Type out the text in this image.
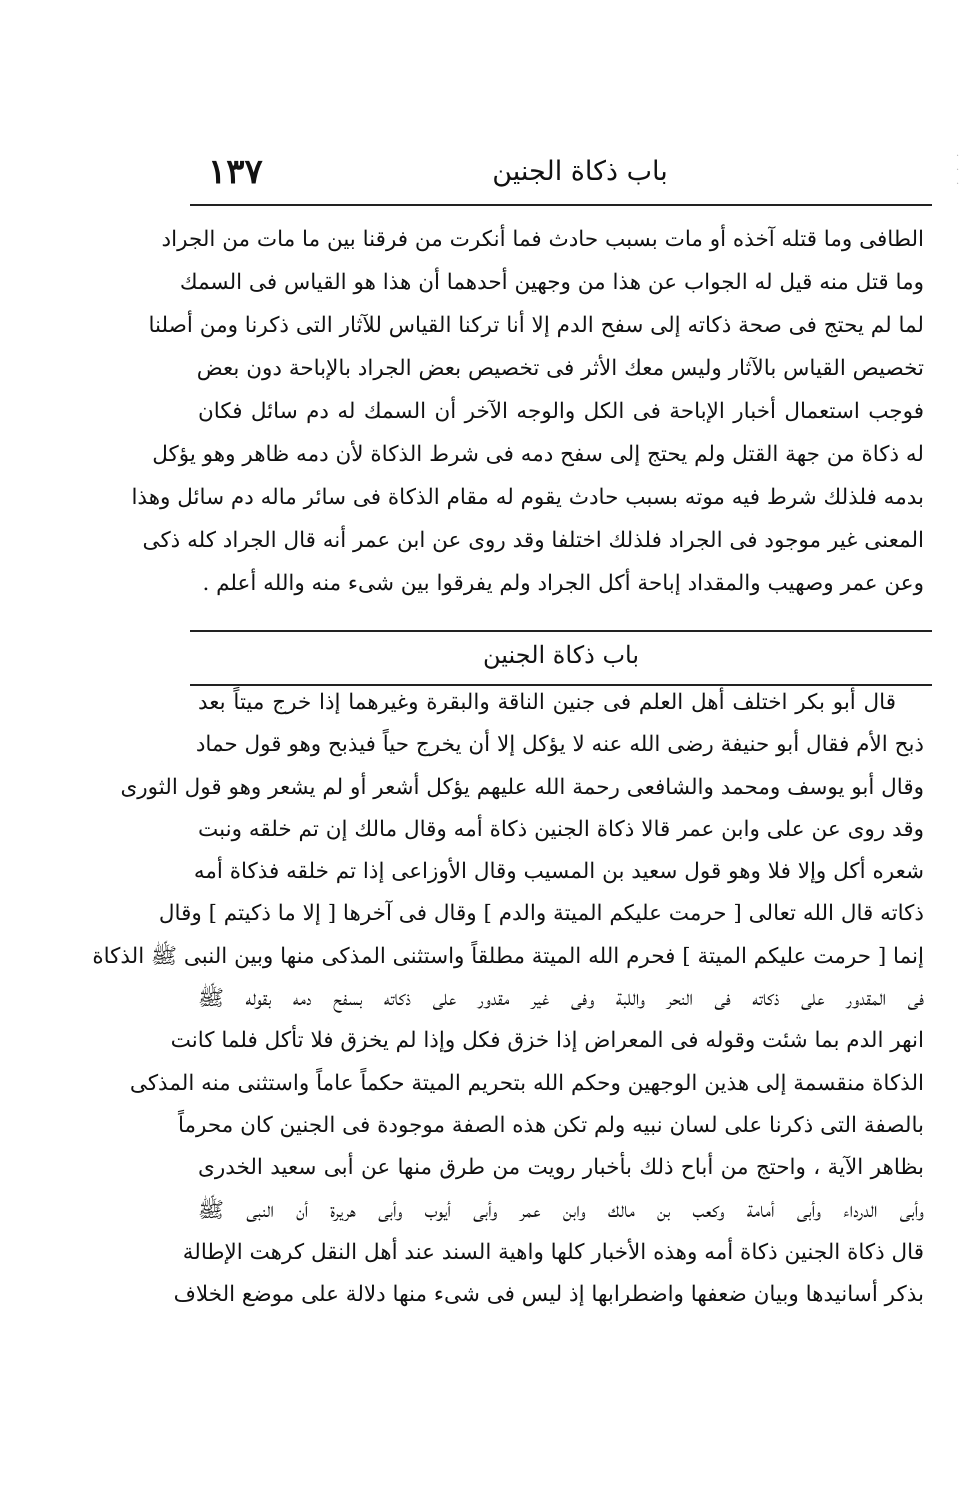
١٣٧	باب ذكاة الجنين
الطافى وما قتله آخذه أو مات بسبب حادث فما أنكرت من فرقنا بين ما مات من الجراد
وما قتل منه قيل له الجواب عن هذا من وجهين أحدهما أن هذا هو القياس فى السمك
لما لم يحتج فى صحة ذكاته إلى سفح الدم إلا أنا تركنا القياس للآثار التى ذكرنا ومن أصلنا
تخصيص القياس بالآثار وليس معك الأثر فى تخصيص بعض الجراد بالإباحة دون بعض
فوجب استعمال أخبار الإباحة فى الكل والوجه الآخر أن السمك له دم سائل فكان
له ذكاة من جهة القتل ولم يحتج إلى سفح دمه فى شرط الذكاة لأن دمه ظاهر وهو يؤكل
بدمه فلذلك شرط فيه موته بسبب حادث يقوم له مقام الذكاة فى سائر ماله دم سائل وهذا
المعنى غير موجود فى الجراد فلذلك اختلفا وقد روى عن ابن عمر أنه قال الجراد كله ذكى
وعن عمر وصهيب والمقداد إباحة أكل الجراد ولم يفرقوا بين شىء منه والله أعلم .
باب ذكاة الجنين
قال أبو بكر اختلف أهل العلم فى جنين الناقة والبقرة وغيرهما إذا خرج ميتاً بعد
ذبح الأم فقال أبو حنيفة رضى الله عنه لا يؤكل إلا أن يخرج حياً فيذبح وهو قول حماد
وقال أبو يوسف ومحمد والشافعى رحمة الله عليهم يؤكل أشعر أو لم يشعر وهو قول الثورى
وقد روى عن على وابن عمر قالا ذكاة الجنين ذكاة أمه وقال مالك إن تم خلقه ونبت
شعره أكل وإلا فلا وهو قول سعيد بن المسيب وقال الأوزاعى إذا تم خلقه فذكاة أمه
ذكاته قال الله تعالى [ حرمت عليكم الميتة والدم ] وقال فى آخرها [ إلا ما ذكيتم ] وقال
إنما [ حرمت عليكم الميتة ] فحرم الله الميتة مطلقاً واستثنى المذكى منها وبين النبى ﷺ الذكاة
فى المقدور على ذكاته فى النحر واللبة وفى غير مقدور على ذكاته بسفح دمه بقوله ﷺ
انهر الدم بما شئت وقوله فى المعراض إذا خزق فكل وإذا لم يخزق فلا تأكل فلما كانت
الذكاة منقسمة إلى هذين الوجهين وحكم الله بتحريم الميتة حكماً عاماً واستثنى منه المذكى
بالصفة التى ذكرنا على لسان نبيه ولم تكن هذه الصفة موجودة فى الجنين كان محرماً
بظاهر الآية ، واحتج من أباح ذلك بأخبار رويت من طرق منها عن أبى سعيد الخدرى
وأبى الدرداء وأبى أمامة وكعب بن مالك وابن عمر وأبى أيوب وأبى هريرة أن النبى ﷺ
قال ذكاة الجنين ذكاة أمه وهذه الأخبار كلها واهية السند عند أهل النقل كرهت الإطالة
بذكر أسانيدها وبيان ضعفها واضطرابها إذ ليس فى شىء منها دلالة على موضع الخلاف
·
·
·
